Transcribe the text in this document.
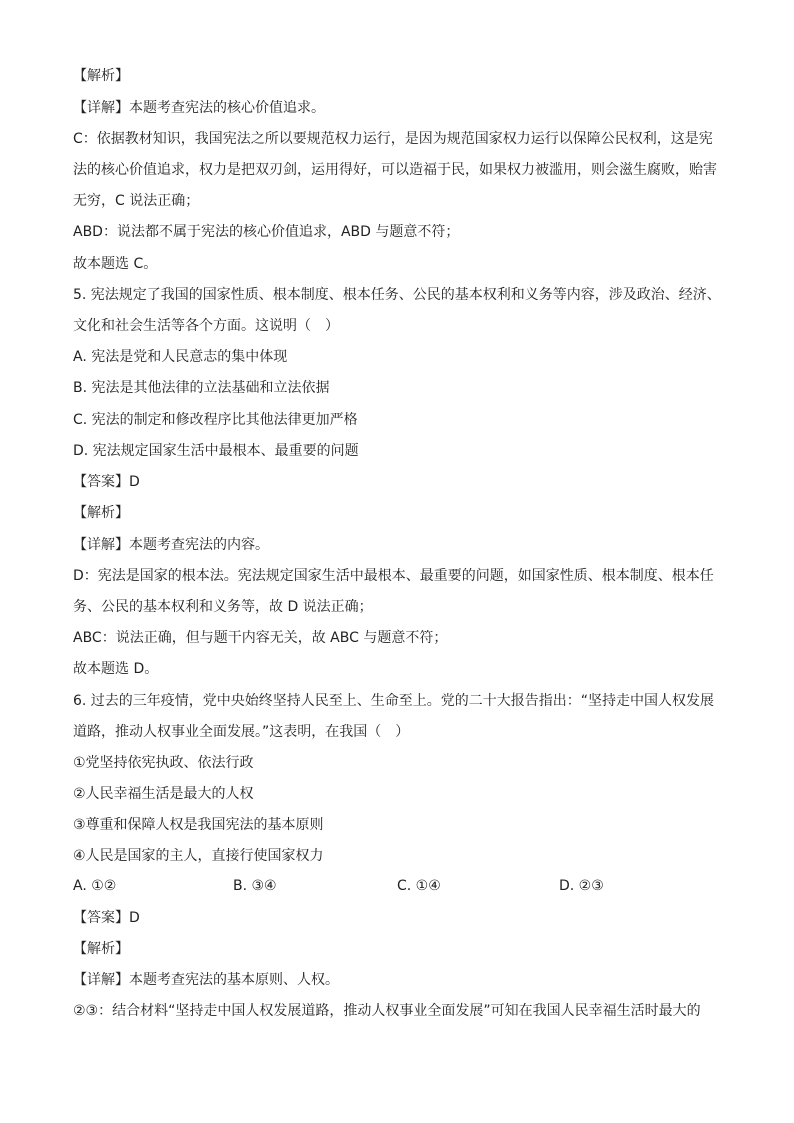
【解析】
【详解】本题考查宪法的核心价值追求。
C：依据教材知识，我国宪法之所以要规范权力运行，是因为规范国家权力运行以保障公民权利，这是宪
法的核心价值追求，权力是把双刃剑，运用得好，可以造福于民，如果权力被滥用，则会滋生腐败，贻害
无穷，C 说法正确；
ABD：说法都不属于宪法的核心价值追求，ABD 与题意不符；
故本题选 C。
5. 宪法规定了我国的国家性质、根本制度、根本任务、公民的基本权利和义务等内容，涉及政治、经济、
文化和社会生活等各个方面。这说明（　）
A. 宪法是党和人民意志的集中体现
B. 宪法是其他法律的立法基础和立法依据
C. 宪法的制定和修改程序比其他法律更加严格
D. 宪法规定国家生活中最根本、最重要的问题
【答案】D
【解析】
【详解】本题考查宪法的内容。
D：宪法是国家的根本法。宪法规定国家生活中最根本、最重要的问题，如国家性质、根本制度、根本任
务、公民的基本权利和义务等，故 D 说法正确；
ABC：说法正确，但与题干内容无关，故 ABC 与题意不符；
故本题选 D。
6. 过去的三年疫情，党中央始终坚持人民至上、生命至上。党的二十大报告指出：“坚持走中国人权发展
道路，推动人权事业全面发展。”这表明，在我国（　）
①党坚持依宪执政、依法行政
②人民幸福生活是最大的人权
③尊重和保障人权是我国宪法的基本原则
④人民是国家的主人，直接行使国家权力
A. ①②	B. ③④	C. ①④	D. ②③
【答案】D
【解析】
【详解】本题考查宪法的基本原则、人权。
②③：结合材料“坚持走中国人权发展道路，推动人权事业全面发展”可知在我国人民幸福生活时最大的
